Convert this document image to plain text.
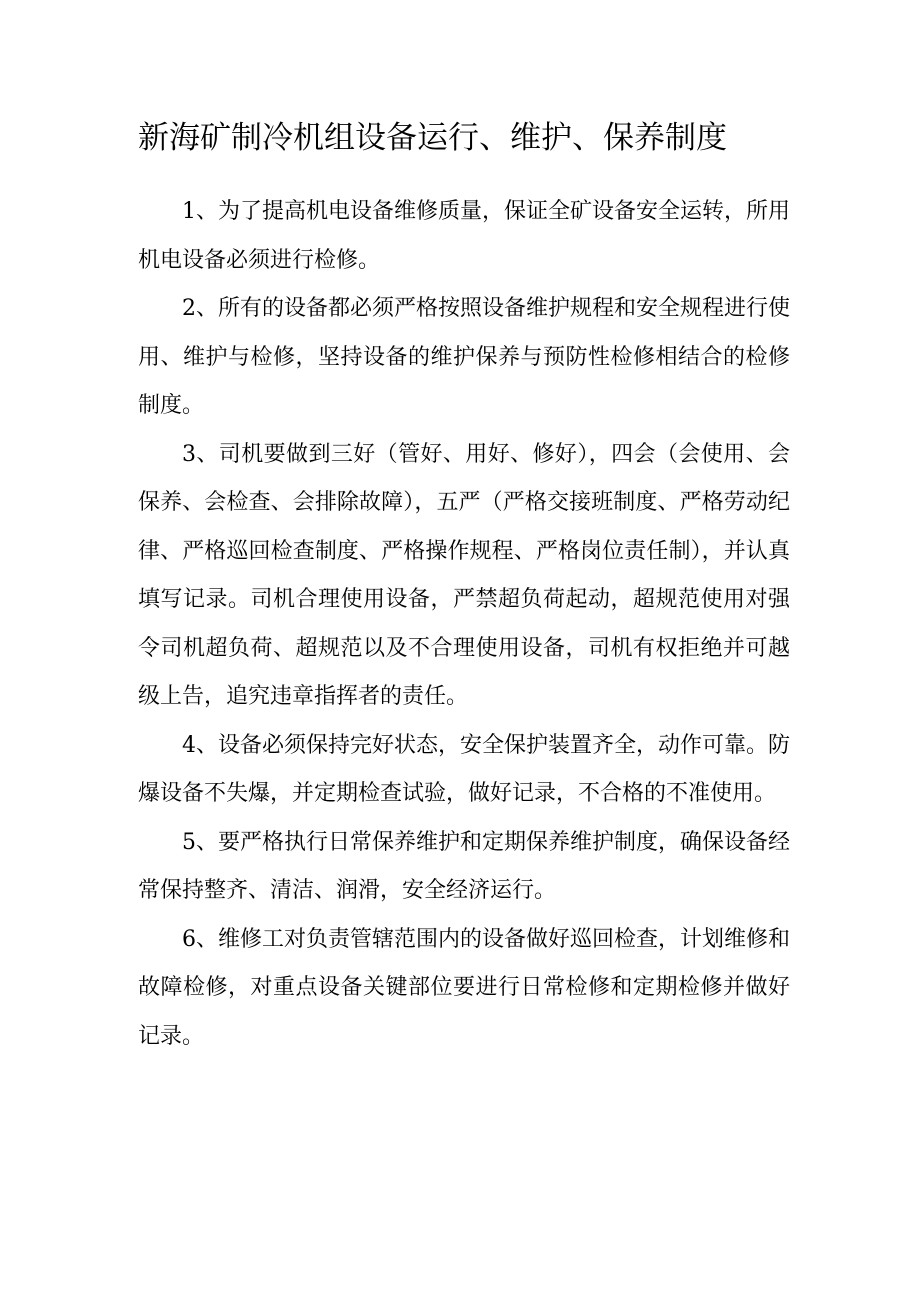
新海矿制冷机组设备运行、维护、保养制度

1、为了提高机电设备维修质量，保证全矿设备安全运转，所用机电设备必须进行检修。

2、所有的设备都必须严格按照设备维护规程和安全规程进行使用、维护与检修，坚持设备的维护保养与预防性检修相结合的检修制度。

3、司机要做到三好（管好、用好、修好），四会（会使用、会保养、会检查、会排除故障），五严（严格交接班制度、严格劳动纪律、严格巡回检查制度、严格操作规程、严格岗位责任制），并认真填写记录。司机合理使用设备，严禁超负荷起动，超规范使用对强令司机超负荷、超规范以及不合理使用设备，司机有权拒绝并可越级上告，追究违章指挥者的责任。

4、设备必须保持完好状态，安全保护装置齐全，动作可靠。防爆设备不失爆，并定期检查试验，做好记录，不合格的不准使用。

5、要严格执行日常保养维护和定期保养维护制度，确保设备经常保持整齐、清洁、润滑，安全经济运行。

6、维修工对负责管辖范围内的设备做好巡回检查，计划维修和故障检修，对重点设备关键部位要进行日常检修和定期检修并做好记录。
